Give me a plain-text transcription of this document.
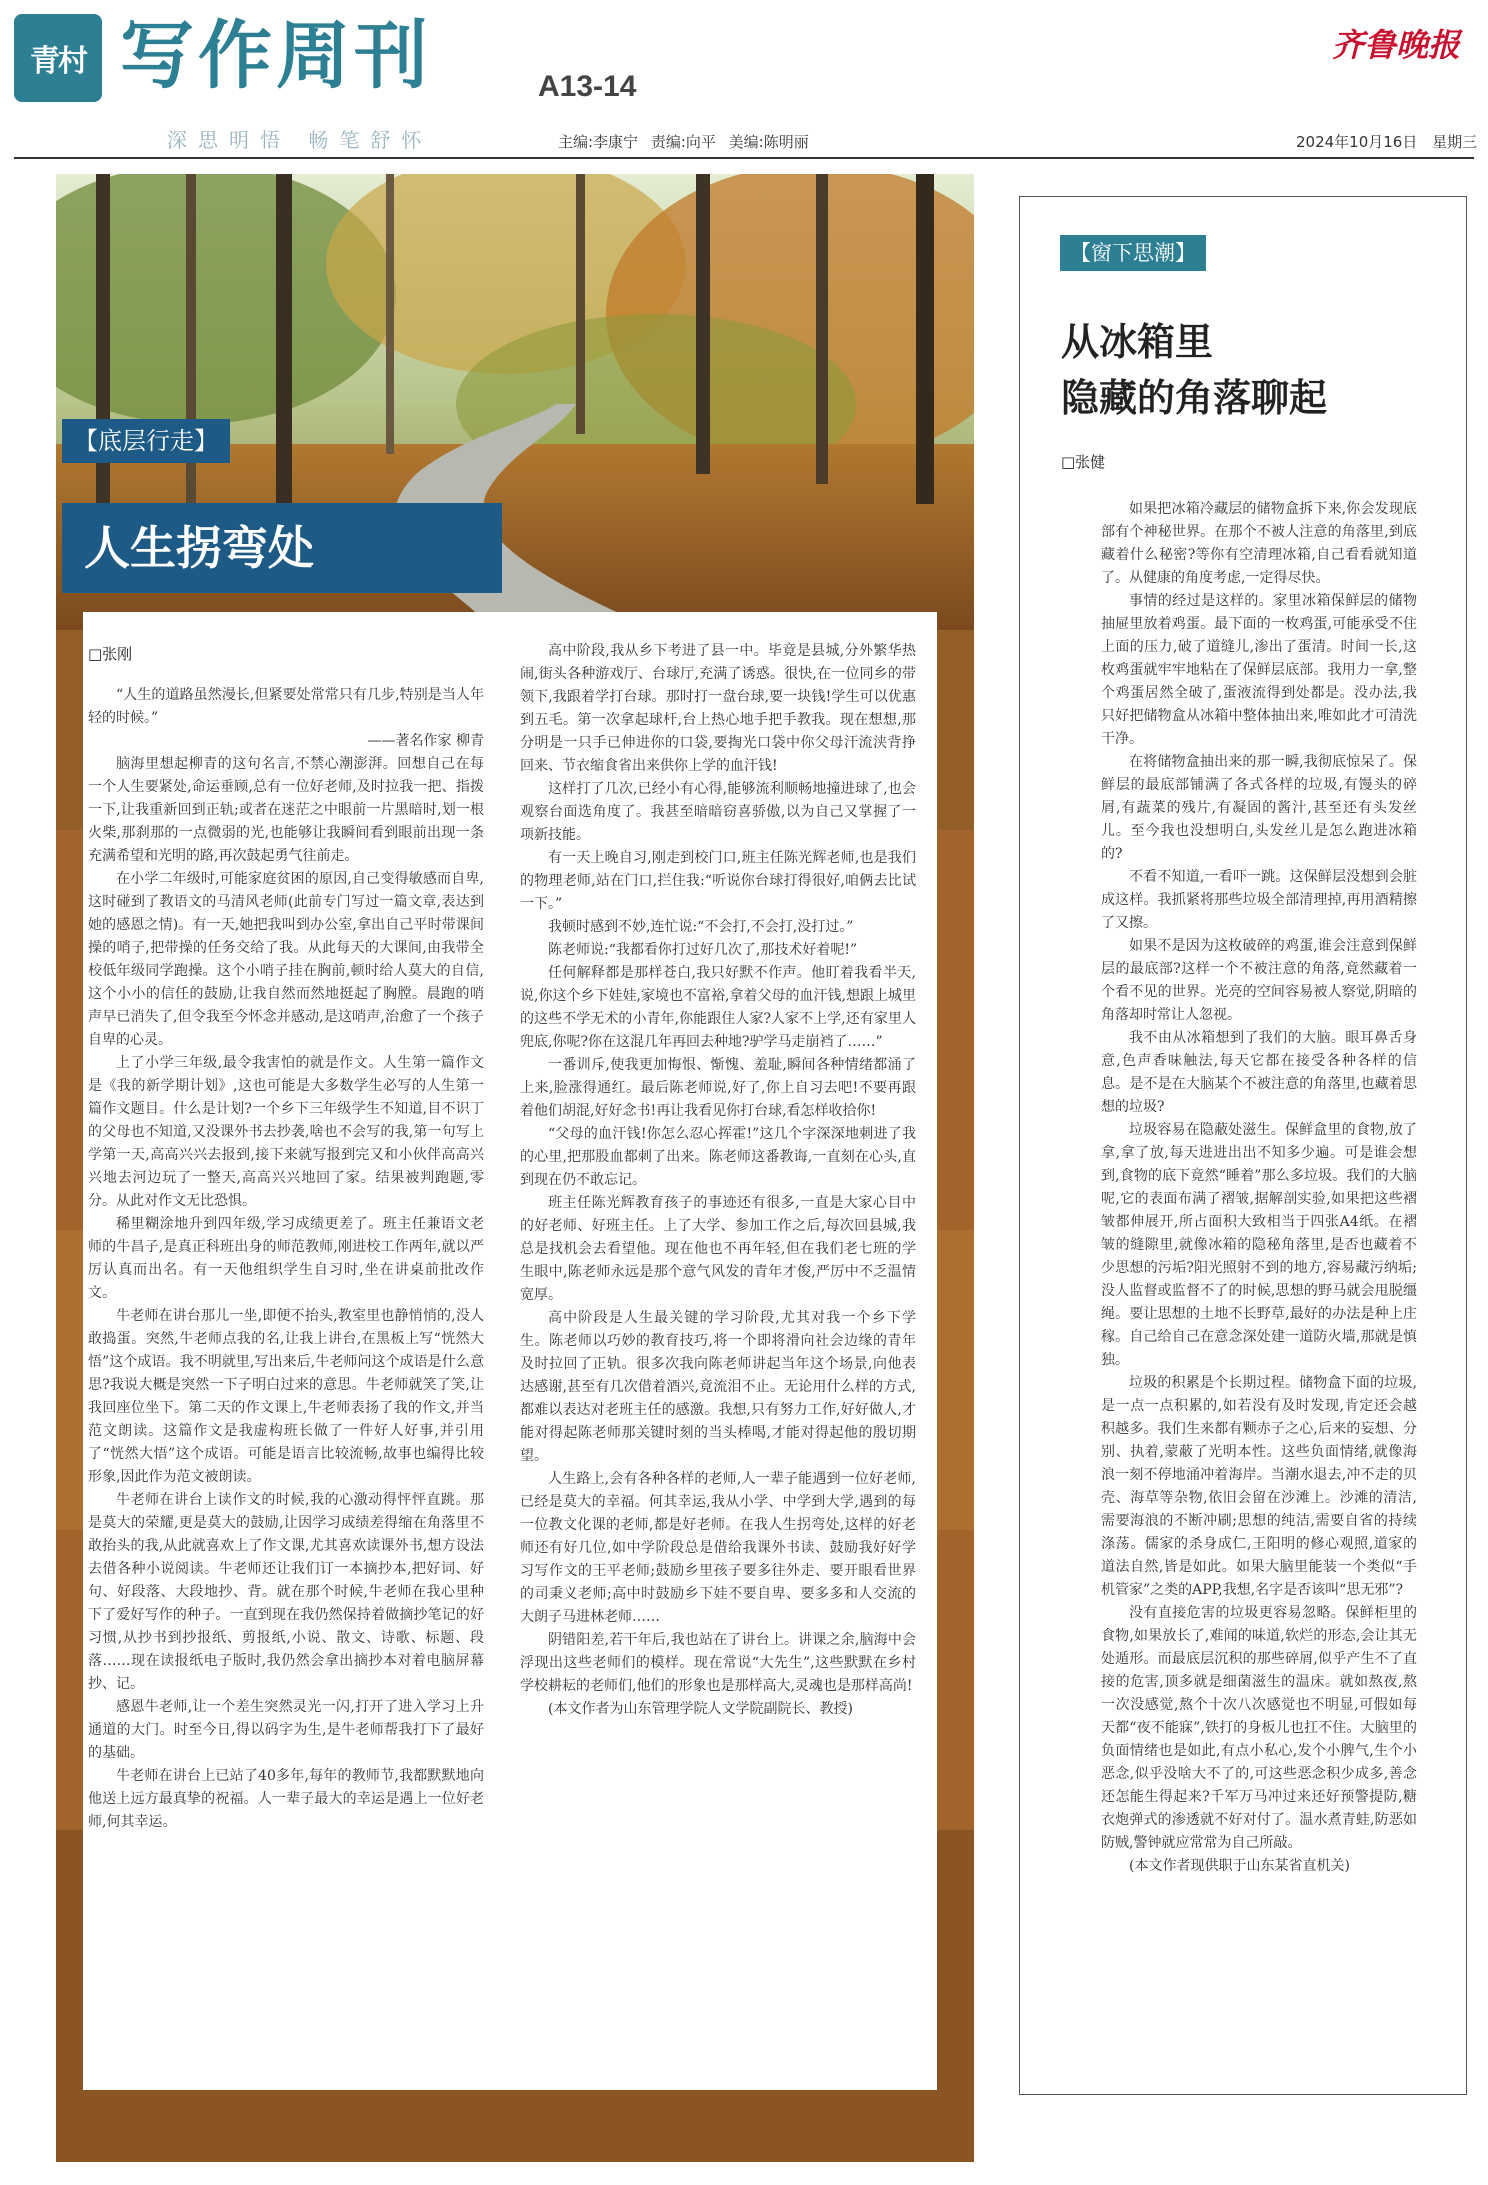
青村 写作周刊	A13-14
齐鲁晚报
深思明悟 畅笔舒怀	主编:李康宁 责编:向平 美编:陈明丽	2024年10月16日 星期三
【底层行走】
人生拐弯处
□张刚

“人生的道路虽然漫长,但紧要处常常只有几步,特别是当人年轻的时候。”

——著名作家 柳青

脑海里想起柳青的这句名言,不禁心潮澎湃。回想自己在每一个人生要紧处,命运垂顾,总有一位好老师,及时拉我一把、指拨一下,让我重新回到正轨;或者在迷茫之中眼前一片黑暗时,划一根火柴,那刹那的一点微弱的光,也能够让我瞬间看到眼前出现一条充满希望和光明的路,再次鼓起勇气往前走。

在小学二年级时,可能家庭贫困的原因,自己变得敏感而自卑,这时碰到了教语文的马清风老师(此前专门写过一篇文章,表达到她的感恩之情)。有一天,她把我叫到办公室,拿出自己平时带课间操的哨子,把带操的任务交给了我。从此每天的大课间,由我带全校低年级同学跑操。这个小哨子挂在胸前,顿时给人莫大的自信,这个小小的信任的鼓励,让我自然而然地挺起了胸膛。晨跑的哨声早已消失了,但令我至今怀念并感动,是这哨声,治愈了一个孩子自卑的心灵。

上了小学三年级,最令我害怕的就是作文。人生第一篇作文是《我的新学期计划》,这也可能是大多数学生必写的人生第一篇作文题目。什么是计划?一个乡下三年级学生不知道,目不识丁的父母也不知道,又没课外书去抄袭,啥也不会写的我,第一句写上学第一天,高高兴兴去报到,接下来就写报到完又和小伙伴高高兴兴地去河边玩了一整天,高高兴兴地回了家。结果被判跑题,零分。从此对作文无比恐惧。

稀里糊涂地升到四年级,学习成绩更差了。班主任兼语文老师的牛昌子,是真正科班出身的师范教师,刚进校工作两年,就以严厉认真而出名。有一天他组织学生自习时,坐在讲桌前批改作文。

牛老师在讲台那儿一坐,即便不抬头,教室里也静悄悄的,没人敢捣蛋。突然,牛老师点我的名,让我上讲台,在黑板上写“恍然大悟”这个成语。我不明就里,写出来后,牛老师问这个成语是什么意思?我说大概是突然一下子明白过来的意思。牛老师就笑了笑,让我回座位坐下。第二天的作文课上,牛老师表扬了我的作文,并当范文朗读。这篇作文是我虚构班长做了一件好人好事,并引用了“恍然大悟”这个成语。可能是语言比较流畅,故事也编得比较形象,因此作为范文被朗读。

牛老师在讲台上读作文的时候,我的心激动得怦怦直跳。那是莫大的荣耀,更是莫大的鼓励,让因学习成绩差得缩在角落里不敢抬头的我,从此就喜欢上了作文课,尤其喜欢读课外书,想方设法去借各种小说阅读。牛老师还让我们订一本摘抄本,把好词、好句、好段落、大段地抄、背。就在那个时候,牛老师在我心里种下了爱好写作的种子。一直到现在我仍然保持着做摘抄笔记的好习惯,从抄书到抄报纸、剪报纸,小说、散文、诗歌、标题、段落……现在读报纸电子版时,我仍然会拿出摘抄本对着电脑屏幕抄、记。

感恩牛老师,让一个差生突然灵光一闪,打开了进入学习上升通道的大门。时至今日,得以码字为生,是牛老师帮我打下了最好的基础。

牛老师在讲台上已站了40多年,每年的教师节,我都默默地向他送上远方最真挚的祝福。人一辈子最大的幸运是遇上一位好老师,何其幸运。

高中阶段,我从乡下考进了县一中。毕竟是县城,分外繁华热闹,街头各种游戏厅、台球厅,充满了诱惑。很快,在一位同乡的带领下,我跟着学打台球。那时打一盘台球,要一块钱!学生可以优惠到五毛。第一次拿起球杆,台上热心地手把手教我。现在想想,那分明是一只手已伸进你的口袋,要掏光口袋中你父母汗流浃背挣回来、节衣缩食省出来供你上学的血汗钱!

这样打了几次,已经小有心得,能够流利顺畅地撞进球了,也会观察台面选角度了。我甚至暗暗窃喜骄傲,以为自己又掌握了一项新技能。

有一天上晚自习,刚走到校门口,班主任陈光辉老师,也是我们的物理老师,站在门口,拦住我:“听说你台球打得很好,咱俩去比试一下。”

我顿时感到不妙,连忙说:“不会打,不会打,没打过。”

陈老师说:“我都看你打过好几次了,那技术好着呢!”

任何解释都是那样苍白,我只好默不作声。他盯着我看半天,说,你这个乡下娃娃,家境也不富裕,拿着父母的血汗钱,想跟上城里的这些不学无术的小青年,你能跟住人家?人家不上学,还有家里人兜底,你呢?你在这混几年再回去种地?驴学马走崩裆了……”

一番训斥,使我更加悔恨、惭愧、羞耻,瞬间各种情绪都涌了上来,脸涨得通红。最后陈老师说,好了,你上自习去吧!不要再跟着他们胡混,好好念书!再让我看见你打台球,看怎样收拾你!

“父母的血汗钱!你怎么忍心挥霍!”这几个字深深地刺进了我的心里,把那股血都刺了出来。陈老师这番教诲,一直刻在心头,直到现在仍不敢忘记。

班主任陈光辉教育孩子的事迹还有很多,一直是大家心目中的好老师、好班主任。上了大学、参加工作之后,每次回县城,我总是找机会去看望他。现在他也不再年轻,但在我们老七班的学生眼中,陈老师永远是那个意气风发的青年才俊,严厉中不乏温情宽厚。

高中阶段是人生最关键的学习阶段,尤其对我一个乡下学生。陈老师以巧妙的教育技巧,将一个即将滑向社会边缘的青年及时拉回了正轨。很多次我向陈老师讲起当年这个场景,向他表达感谢,甚至有几次借着酒兴,竟流泪不止。无论用什么样的方式,都难以表达对老班主任的感激。我想,只有努力工作,好好做人,才能对得起陈老师那关键时刻的当头棒喝,才能对得起他的殷切期望。

人生路上,会有各种各样的老师,人一辈子能遇到一位好老师,已经是莫大的幸福。何其幸运,我从小学、中学到大学,遇到的每一位教文化课的老师,都是好老师。在我人生拐弯处,这样的好老师还有好几位,如中学阶段总是借给我课外书读、鼓励我好好学习写作文的王平老师;鼓励乡里孩子要多往外走、要开眼看世界的司秉义老师;高中时鼓励乡下娃不要自卑、要多多和人交流的大朗子马进林老师……

阴错阳差,若干年后,我也站在了讲台上。讲课之余,脑海中会浮现出这些老师们的模样。现在常说“大先生”,这些默默在乡村学校耕耘的老师们,他们的形象也是那样高大,灵魂也是那样高尚!

(本文作者为山东管理学院人文学院副院长、教授)

【窗下思潮】
从冰箱里
隐藏的角落聊起
□张健

如果把冰箱冷藏层的储物盒拆下来,你会发现底部有个神秘世界。在那个不被人注意的角落里,到底藏着什么秘密?等你有空清理冰箱,自己看看就知道了。从健康的角度考虑,一定得尽快。

事情的经过是这样的。家里冰箱保鲜层的储物抽屉里放着鸡蛋。最下面的一枚鸡蛋,可能承受不住上面的压力,破了道缝儿,渗出了蛋清。时间一长,这枚鸡蛋就牢牢地粘在了保鲜层底部。我用力一拿,整个鸡蛋居然全破了,蛋液流得到处都是。没办法,我只好把储物盒从冰箱中整体抽出来,唯如此才可清洗干净。

在将储物盒抽出来的那一瞬,我彻底惊呆了。保鲜层的最底部铺满了各式各样的垃圾,有馒头的碎屑,有蔬菜的残片,有凝固的酱汁,甚至还有头发丝儿。至今我也没想明白,头发丝儿是怎么跑进冰箱的?

不看不知道,一看吓一跳。这保鲜层没想到会脏成这样。我抓紧将那些垃圾全部清理掉,再用酒精擦了又擦。

如果不是因为这枚破碎的鸡蛋,谁会注意到保鲜层的最底部?这样一个不被注意的角落,竟然藏着一个看不见的世界。光亮的空间容易被人察觉,阴暗的角落却时常让人忽视。

我不由从冰箱想到了我们的大脑。眼耳鼻舌身意,色声香味触法,每天它都在接受各种各样的信息。是不是在大脑某个不被注意的角落里,也藏着思想的垃圾?

垃圾容易在隐蔽处滋生。保鲜盒里的食物,放了拿,拿了放,每天进进出出不知多少遍。可是谁会想到,食物的底下竟然“睡着”那么多垃圾。我们的大脑呢,它的表面布满了褶皱,据解剖实验,如果把这些褶皱都伸展开,所占面积大致相当于四张A4纸。在褶皱的缝隙里,就像冰箱的隐秘角落里,是否也藏着不少思想的污垢?阳光照射不到的地方,容易藏污纳垢;没人监督或监督不了的时候,思想的野马就会甩脱缰绳。要让思想的土地不长野草,最好的办法是种上庄稼。自己给自己在意念深处建一道防火墙,那就是慎独。

垃圾的积累是个长期过程。储物盒下面的垃圾,是一点一点积累的,如若没有及时发现,肯定还会越积越多。我们生来都有颗赤子之心,后来的妄想、分别、执着,蒙蔽了光明本性。这些负面情绪,就像海浪一刻不停地涌冲着海岸。当潮水退去,冲不走的贝壳、海草等杂物,依旧会留在沙滩上。沙滩的清洁,需要海浪的不断冲刷;思想的纯洁,需要自省的持续涤荡。儒家的杀身成仁,王阳明的修心观照,道家的道法自然,皆是如此。如果大脑里能装一个类似“手机管家”之类的APP,我想,名字是否该叫“思无邪”?

没有直接危害的垃圾更容易忽略。保鲜柜里的食物,如果放长了,难闻的味道,软烂的形态,会让其无处遁形。而最底层沉积的那些碎屑,似乎产生不了直接的危害,顶多就是细菌滋生的温床。就如熬夜,熬一次没感觉,熬个十次八次感觉也不明显,可假如每天都“夜不能寐”,铁打的身板儿也扛不住。大脑里的负面情绪也是如此,有点小私心,发个小脾气,生个小恶念,似乎没啥大不了的,可这些恶念积少成多,善念还怎能生得起来?千军万马冲过来还好预警提防,糖衣炮弹式的渗透就不好对付了。温水煮青蛙,防恶如防贼,警钟就应常常为自己所敲。

(本文作者现供职于山东某省直机关)
